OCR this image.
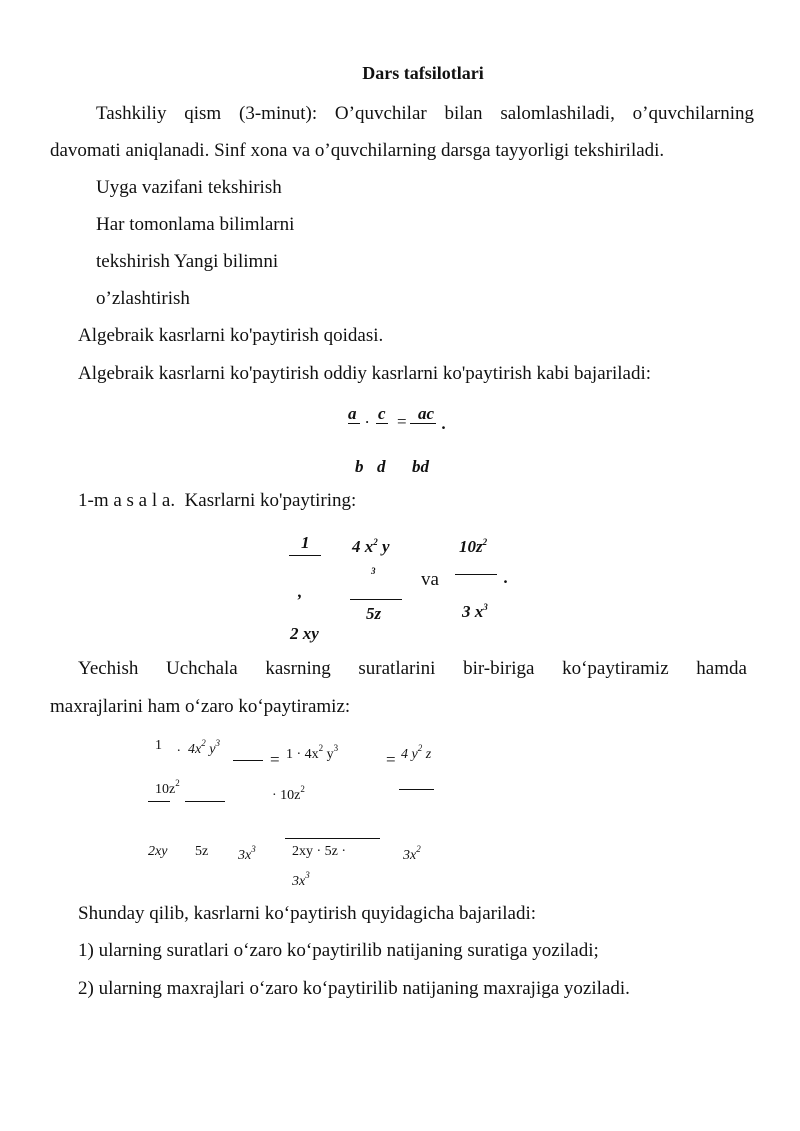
Dars tafsilotlari
Tashkiliy qism (3-minut): O’quvchilar bilan salomlashiladi, o’quvchilarning
davomati aniqlanadi. Sinf xona va o’quvchilarning darsga tayyorligi tekshiriladi.
Uyga vazifani tekshirish
Har tomonlama bilimlarni
tekshirish Yangi bilimni
o’zlashtirish
Algebraik kasrlarni ko'paytirish qoidasi.
Algebraik kasrlarni ko'paytirish oddiy kasrlarni ko'paytirish kabi bajariladi:
a . c = ac
.
b d bd
1-m a s a l a. Kasrlarni ko'paytiring:
1
,
2 xy
4 $x^2$ y
3
5z
va
$10z^2$
.
3 $x^3$
Yechish Uchchala kasrning suratlarini bir-biriga ko‘paytiramiz hamda
maxrajlarini ham o‘zaro ko‘paytiramiz:
1 . $4x^2$ $y^3$
= $1 \cdot 4x^2$ $y^3$
= 4 $y^2$ z
$10z^2$
· $10z^2$
2xy 5z $3x^3$	2xy · 5z ·	$3x^2$
$3x^3$
Shunday qilib, kasrlarni ko‘paytirish quyidagicha bajariladi:
1) ularning suratlari o‘zaro ko‘paytirilib natijaning suratiga yoziladi;
2) ularning maxrajlari o‘zaro ko‘paytirilib natijaning maxrajiga yoziladi.
